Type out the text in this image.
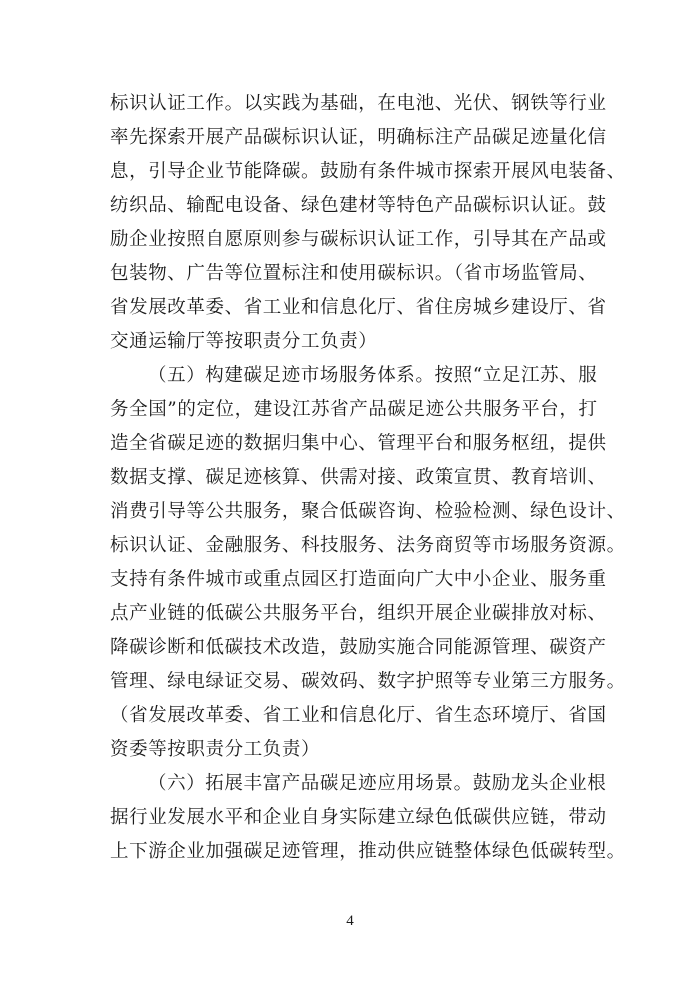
标识认证工作。以实践为基础，在电池、光伏、钢铁等行业

率先探索开展产品碳标识认证，明确标注产品碳足迹量化信

息，引导企业节能降碳。鼓励有条件城市探索开展风电装备、

纺织品、输配电设备、绿色建材等特色产品碳标识认证。鼓

励企业按照自愿原则参与碳标识认证工作，引导其在产品或

包装物、广告等位置标注和使用碳标识。（省市场监管局、

省发展改革委、省工业和信息化厅、省住房城乡建设厅、省

交通运输厅等按职责分工负责）

（五）构建碳足迹市场服务体系。按照“立足江苏、服

务全国”的定位，建设江苏省产品碳足迹公共服务平台，打

造全省碳足迹的数据归集中心、管理平台和服务枢纽，提供

数据支撑、碳足迹核算、供需对接、政策宣贯、教育培训、

消费引导等公共服务，聚合低碳咨询、检验检测、绿色设计、

标识认证、金融服务、科技服务、法务商贸等市场服务资源。

支持有条件城市或重点园区打造面向广大中小企业、服务重

点产业链的低碳公共服务平台，组织开展企业碳排放对标、

降碳诊断和低碳技术改造，鼓励实施合同能源管理、碳资产

管理、绿电绿证交易、碳效码、数字护照等专业第三方服务。

（省发展改革委、省工业和信息化厅、省生态环境厅、省国

资委等按职责分工负责）

（六）拓展丰富产品碳足迹应用场景。鼓励龙头企业根

据行业发展水平和企业自身实际建立绿色低碳供应链，带动

上下游企业加强碳足迹管理，推动供应链整体绿色低碳转型。

4
